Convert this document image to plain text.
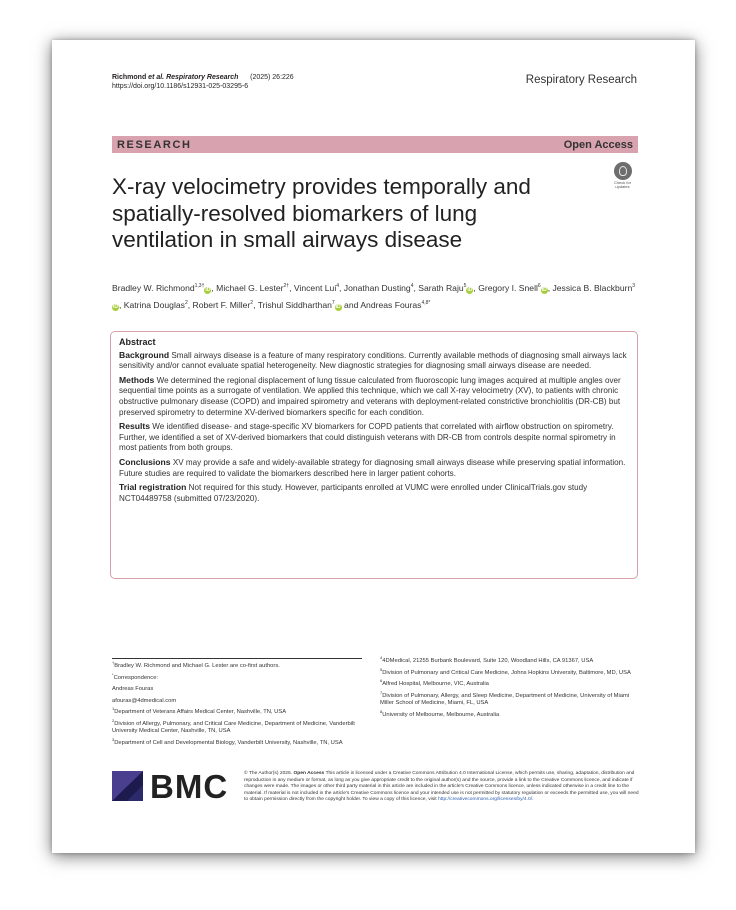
Richmond et al. Respiratory Research (2025) 26:226
https://doi.org/10.1186/s12931-025-03295-6
Respiratory Research
RESEARCH	Open Access
Check for updates
X-ray velocimetry provides temporally and spatially-resolved biomarkers of lung ventilation in small airways disease
Bradley W. Richmond$^{1,3\dagger}$iD, Michael G. Lester$^{2\dagger}$, Vincent Lui$^4$, Jonathan Dusting$^4$, Sarath Raju$^5$iD, Gregory I. Snell$^6$iD, Jessica B. Blackburn$^3$iD, Katrina Douglas$^2$, Robert F. Miller$^2$, Trishul Siddharthan$^7$iD and Andreas Fouras$^{4,8*}$
Abstract

Background Small airways disease is a feature of many respiratory conditions. Currently available methods of diagnosing small airways lack sensitivity and/or cannot evaluate spatial heterogeneity. New diagnostic strategies for diagnosing small airways disease are needed.

Methods We determined the regional displacement of lung tissue calculated from fluoroscopic lung images acquired at multiple angles over sequential time points as a surrogate of ventilation. We applied this technique, which we call X-ray velocimetry (XV), to patients with chronic obstructive pulmonary disease (COPD) and impaired spirometry and veterans with deployment-related constrictive bronchiolitis (DR-CB) but preserved spirometry to determine XV-derived biomarkers specific for each condition.

Results We identified disease- and stage-specific XV biomarkers for COPD patients that correlated with airflow obstruction on spirometry. Further, we identified a set of XV-derived biomarkers that could distinguish veterans with DR-CB from controls despite normal spirometry in most patients from both groups.

Conclusions XV may provide a safe and widely-available strategy for diagnosing small airways disease while preserving spatial information. Future studies are required to validate the biomarkers described here in larger patient cohorts.

Trial registration Not required for this study. However, participants enrolled at VUMC were enrolled under ClinicalTrials.gov study NCT04489758 (submitted 07/23/2020).

†Bradley W. Richmond and Michael G. Lester are co-first authors.
*Correspondence:
Andreas Fouras
afouras@4dmedical.com
$^1$Department of Veterans Affairs Medical Center, Nashville, TN, USA
$^2$Division of Allergy, Pulmonary, and Critical Care Medicine, Department of Medicine, Vanderbilt University Medical Center, Nashville, TN, USA
$^3$Department of Cell and Developmental Biology, Vanderbilt University, Nashville, TN, USA
$^4$4DMedical, 21255 Burbank Boulevard, Suite 120, Woodland Hills, CA 91367, USA
$^5$Division of Pulmonary and Critical Care Medicine, Johns Hopkins University, Baltimore, MD, USA
$^6$Alfred Hospital, Melbourne, VIC, Australia
$^7$Division of Pulmonary, Allergy, and Sleep Medicine, Department of Medicine, University of Miami Miller School of Medicine, Miami, FL, USA
$^8$University of Melbourne, Melbourne, Australia
BMC	© The Author(s) 2025. Open Access This article is licensed under a Creative Commons Attribution 4.0 International License, which permits use, sharing, adaptation, distribution and reproduction in any medium or format, as long as you give appropriate credit to the original author(s) and the source, provide a link to the Creative Commons licence, and indicate if changes were made. The images or other third party material in this article are included in the article's Creative Commons licence, unless indicated otherwise in a credit line to the material. If material is not included in the article's Creative Commons licence and your intended use is not permitted by statutory regulation or exceeds the permitted use, you will need to obtain permission directly from the copyright holder. To view a copy of this licence, visit http://creativecommons.org/licenses/by/4.0/.
